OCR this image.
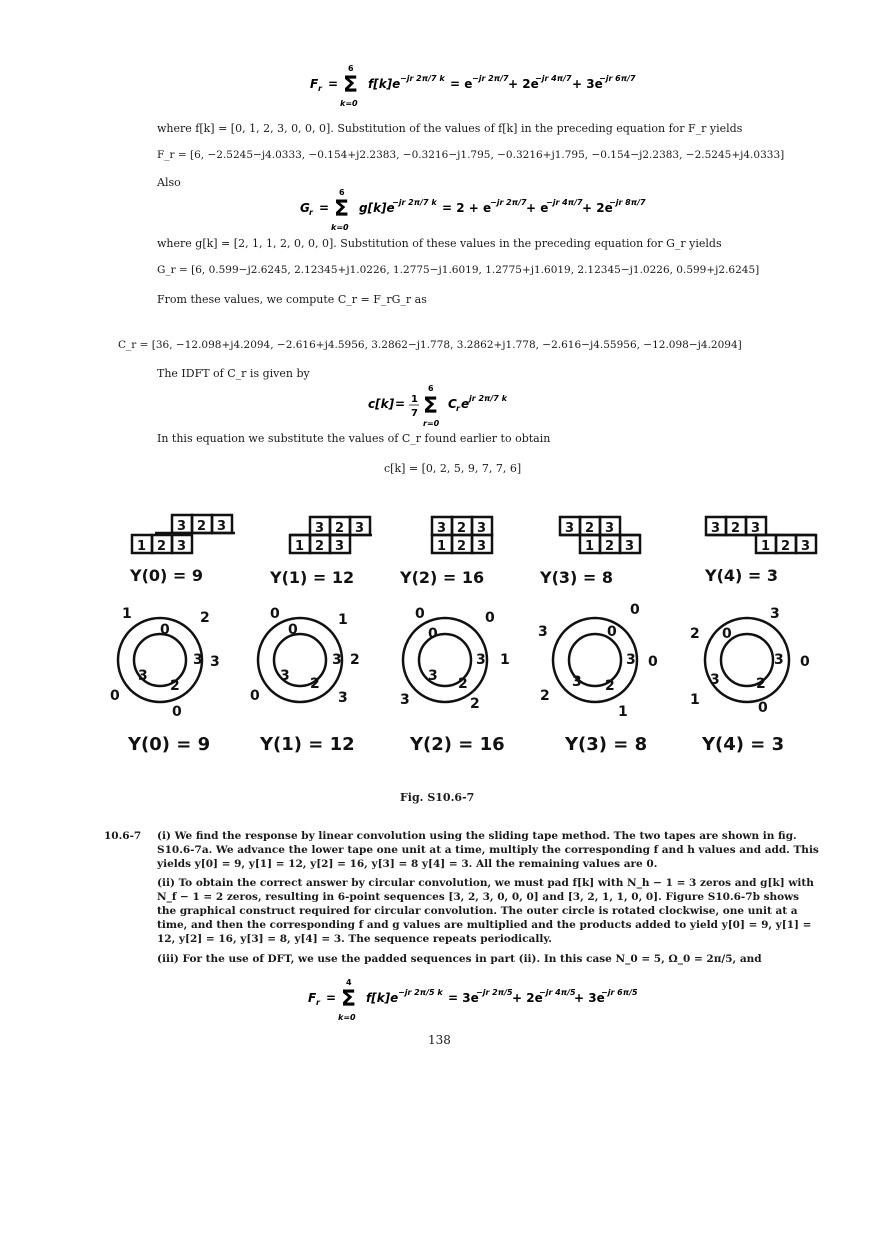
F r = Σ
6
k=0
f[k]e −jr 2π/7 k = e −jr 2π/7 + 2e
−jr 4π/7 + 3e
−jr 6π/7
where f[k] = [0, 1, 2, 3, 0, 0, 0]. Substitution of the values of f[k] in the preceding equation for F_r yields
F_r = [6, −2.5245−j4.0333, −0.154+j2.2383, −0.3216−j1.795, −0.3216+j1.795, −0.154−j2.2383, −2.5245+j4.0333]
Also
G r = Σ
6
k=0
g[k]e
−jr 2π/7 k = 2 + e
−jr 2π/7 + e
−jr 4π/7 + 2e
−jr 8π/7
where g[k] = [2, 1, 1, 2, 0, 0, 0]. Substitution of these values in the preceding equation for G_r yields
G_r = [6, 0.599−j2.6245, 2.12345+j1.0226, 1.2775−j1.6019, 1.2775+j1.6019, 2.12345−j1.0226, 0.599+j2.6245]
From these values, we compute C_r = F_rG_r as
C_r = [36, −12.098+j4.2094, −2.616+j4.5956, 3.2862−j1.778, 3.2862+j1.778, −2.616−j4.55956, −12.098−j4.2094]
The IDFT of C_r is given by
c[k] = 1
7 Σ
6
r=0
C r e jr 2π/7 k
In this equation we substitute the values of C_r found earlier to obtain
c[k] = [0, 2, 5, 9, 7, 7, 6]
3 2 3
1 2 3
3 2 3
1 2 3
3 2 3
1 2 3
3 2 3
1 2 3
3 2 3
1 2 3
Y(0) = 9	Y(1) = 12	Y(2) = 16	Y(3) = 8	Y(4) = 3
1	2
0
3 3
3
2
0
0
0	1
0
3 2
3 2
0	3
0	0
0
3 1
3 2
3	2
0
3	0
3 0
3 2
2
1
3
2 0
3 0
3	2
1	0
Y(0) = 9	Y(1) = 12	Y(2) = 16	Y(3) = 8	Y(4) = 3
Fig. S10.6-7
10.6-7 (i) We find the response by linear convolution using the sliding tape method. The two tapes are shown in fig. S10.6-7a. We advance the lower tape one unit at a time, multiply the corresponding f and h values and add. This yields y[0] = 9, y[1] = 12, y[2] = 16, y[3] = 8 y[4] = 3. All the remaining values are 0.
(ii) To obtain the correct answer by circular convolution, we must pad f[k] with N_h − 1 = 3 zeros and g[k] with N_f − 1 = 2 zeros, resulting in 6-point sequences [3, 2, 3, 0, 0, 0] and [3, 2, 1, 1, 0, 0]. Figure S10.6-7b shows the graphical construct required for circular convolution. The outer circle is rotated clockwise, one unit at a time, and then the corresponding f and g values are multiplied and the products added to yield y[0] = 9, y[1] = 12, y[2] = 16, y[3] = 8, y[4] = 3. The sequence repeats periodically.
(iii) For the use of DFT, we use the padded sequences in part (ii). In this case N_0 = 5, Ω_0 = 2π/5, and
F r = Σ
4
k=0
f[k]e −jr 2π/5 k = 3e
−jr 2π/5 + 2e
−jr 4π/5
+ 3e
−jr 6π/5
138
